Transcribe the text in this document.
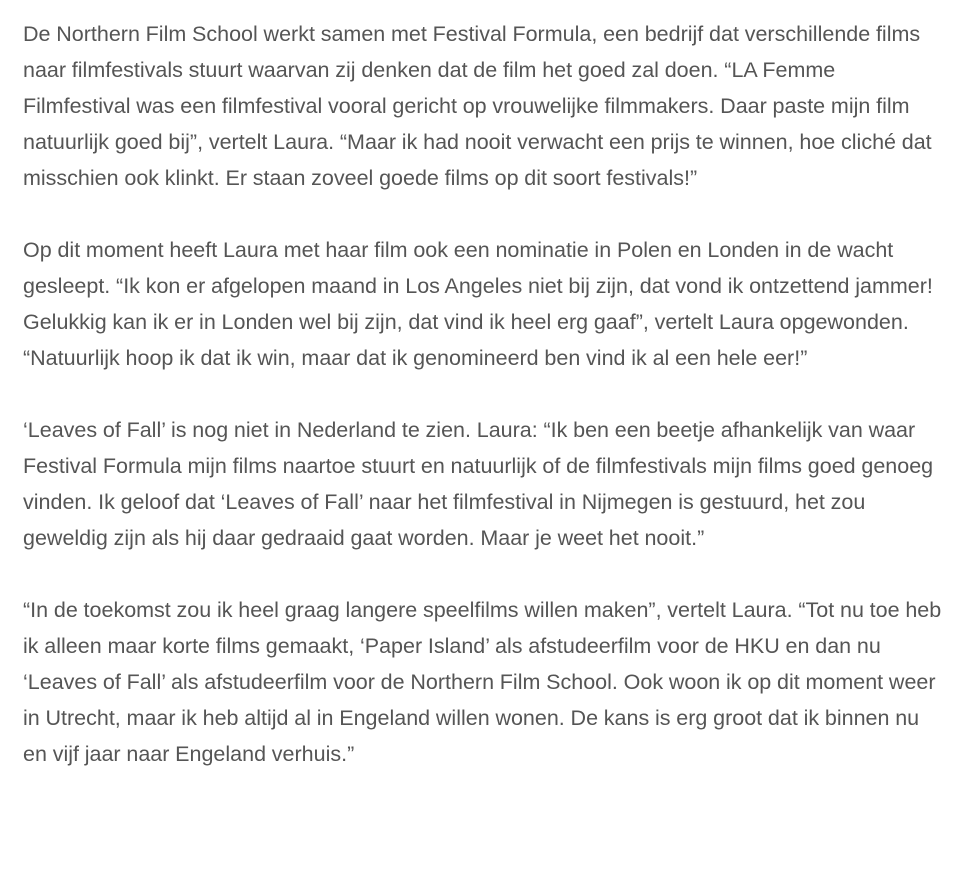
De Northern Film School werkt samen met Festival Formula, een bedrijf dat verschillende films naar filmfestivals stuurt waarvan zij denken dat de film het goed zal doen. “LA Femme Filmfestival was een filmfestival vooral gericht op vrouwelijke filmmakers. Daar paste mijn film natuurlijk goed bij”, vertelt Laura. “Maar ik had nooit verwacht een prijs te winnen, hoe cliché dat misschien ook klinkt. Er staan zoveel goede films op dit soort festivals!”

Op dit moment heeft Laura met haar film ook een nominatie in Polen en Londen in de wacht gesleept. “Ik kon er afgelopen maand in Los Angeles niet bij zijn, dat vond ik ontzettend jammer! Gelukkig kan ik er in Londen wel bij zijn, dat vind ik heel erg gaaf”, vertelt Laura opgewonden. “Natuurlijk hoop ik dat ik win, maar dat ik genomineerd ben vind ik al een hele eer!”

‘Leaves of Fall’ is nog niet in Nederland te zien. Laura: “Ik ben een beetje afhankelijk van waar Festival Formula mijn films naartoe stuurt en natuurlijk of de filmfestivals mijn films goed genoeg vinden. Ik geloof dat ‘Leaves of Fall’ naar het filmfestival in Nijmegen is gestuurd, het zou geweldig zijn als hij daar gedraaid gaat worden. Maar je weet het nooit.”

“In de toekomst zou ik heel graag langere speelfilms willen maken”, vertelt Laura. “Tot nu toe heb ik alleen maar korte films gemaakt, ‘Paper Island’ als afstudeerfilm voor de HKU en dan nu ‘Leaves of Fall’ als afstudeerfilm voor de Northern Film School. Ook woon ik op dit moment weer in Utrecht, maar ik heb altijd al in Engeland willen wonen. De kans is erg groot dat ik binnen nu en vijf jaar naar Engeland verhuis.”
